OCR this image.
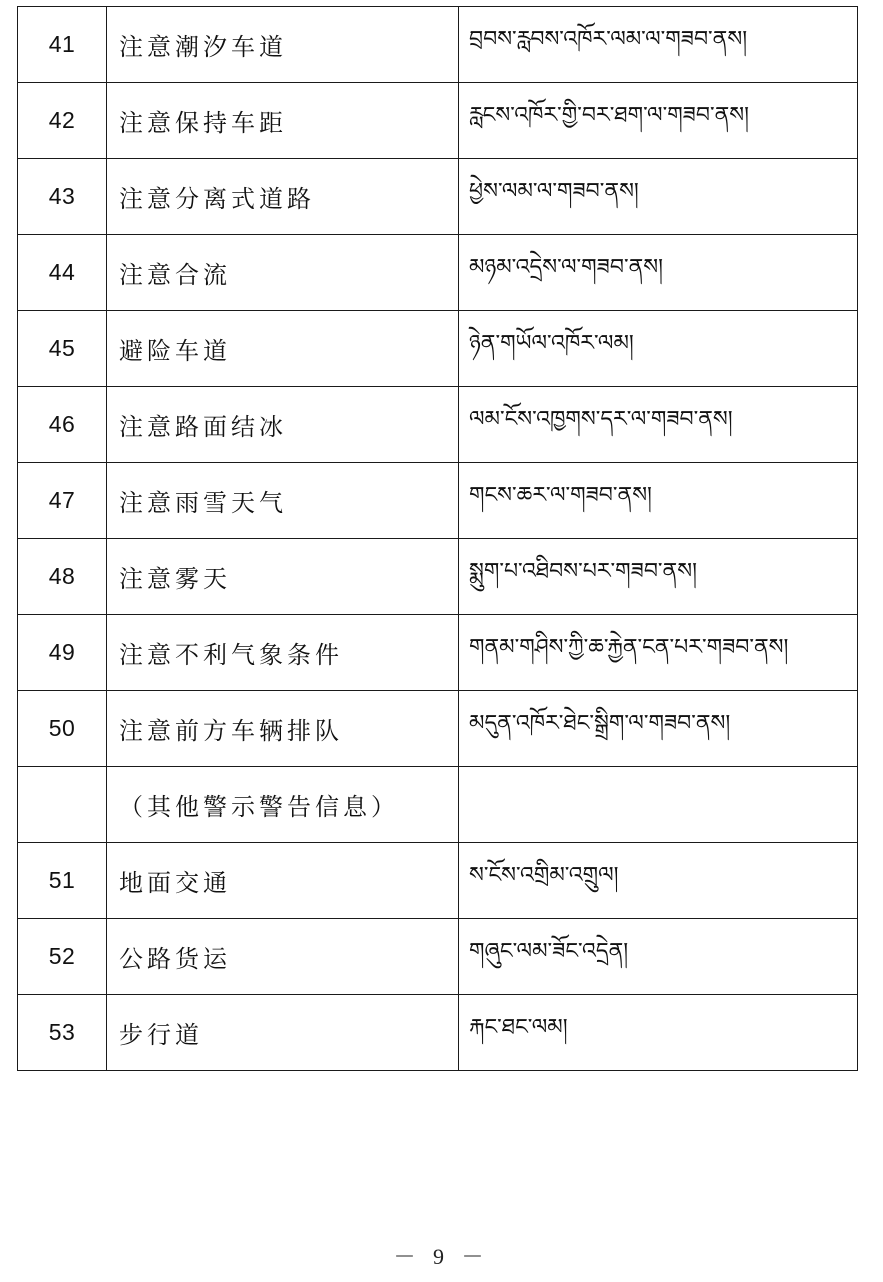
41	注意潮汐车道	བྲབས་རླབས་འཁོར་ལམ་ལ་གཟབ་ནས།
42	注意保持车距	རླངས་འཁོར་གྱི་བར་ཐག་ལ་གཟབ་ནས།
43	注意分离式道路	ཕྱེས་ལམ་ལ་གཟབ་ནས།
44	注意合流	མཉམ་འདྲེས་ལ་གཟབ་ནས།
45	避险车道	ཉེན་གཡོལ་འཁོར་ལམ།
46	注意路面结冰	ལམ་ངོས་འཁྱགས་དར་ལ་གཟབ་ནས།
47	注意雨雪天气	གངས་ཆར་ལ་གཟབ་ནས།
48	注意雾天	སྨུག་པ་འཐིབས་པར་གཟབ་ནས།
49	注意不利气象条件	གནམ་གཤིས་ཀྱི་ཆ་རྐྱེན་ངན་པར་གཟབ་ནས།
50	注意前方车辆排队	མདུན་འཁོར་ཐེང་སྒྲིག་ལ་གཟབ་ནས།
	（其他警示警告信息）	
51	地面交通	ས་ངོས་འགྲིམ་འགྲུལ།
52	公路货运	གཞུང་ལམ་ཟོང་འདྲེན།
53	步行道	རྐང་ཐང་ལམ།
－ 9 －
